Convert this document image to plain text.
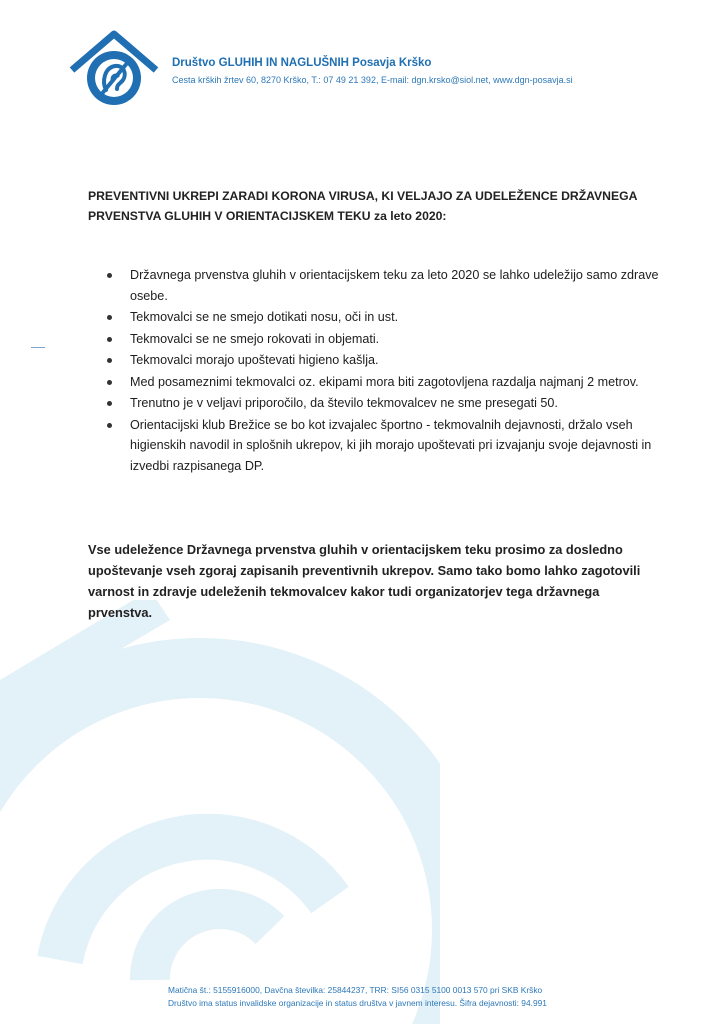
Društvo GLUHIH IN NAGLUŠNIH Posavja Krško
Cesta krških žrtev 60, 8270 Krško, T.: 07 49 21 392, E-mail: dgn.krsko@siol.net, www.dgn-posavja.si
PREVENTIVNI UKREPI ZARADI KORONA VIRUSA, KI VELJAJO ZA UDELEŽENCE DRŽAVNEGA
PRVENSTVA GLUHIH V ORIENTACIJSKEM TEKU za leto 2020:
Državnega prvenstva gluhih v orientacijskem teku za leto 2020 se lahko udeležijo samo zdrave osebe.
Tekmovalci se ne smejo dotikati nosu, oči in ust.
Tekmovalci se ne smejo rokovati in objemati.
Tekmovalci morajo upoštevati higieno kašlja.
Med posameznimi tekmovalci oz. ekipami mora biti zagotovljena razdalja najmanj 2 metrov.
Trenutno je v veljavi priporočilo, da število tekmovalcev ne sme presegati 50.
Orientacijski klub Brežice se bo kot izvajalec športno - tekmovalnih dejavnosti, držalo vseh higienskih navodil in splošnih ukrepov, ki jih morajo upoštevati pri izvajanju svoje dejavnosti in izvedbi razpisanega DP.
Vse udeležence Državnega prvenstva gluhih v orientacijskem teku prosimo za dosledno
upoštevanje vseh zgoraj zapisanih preventivnih ukrepov. Samo tako bomo lahko zagotovili
varnost in zdravje udeleženih tekmovalcev kakor tudi organizatorjev tega državnega
prvenstva.
Matična št.: 5155916000, Davčna številka: 25844237, TRR: SI56 0315 5100 0013 570 pri SKB Krško
Društvo ima status invalidske organizacije in status društva v javnem interesu. Šifra dejavnosti: 94.991
